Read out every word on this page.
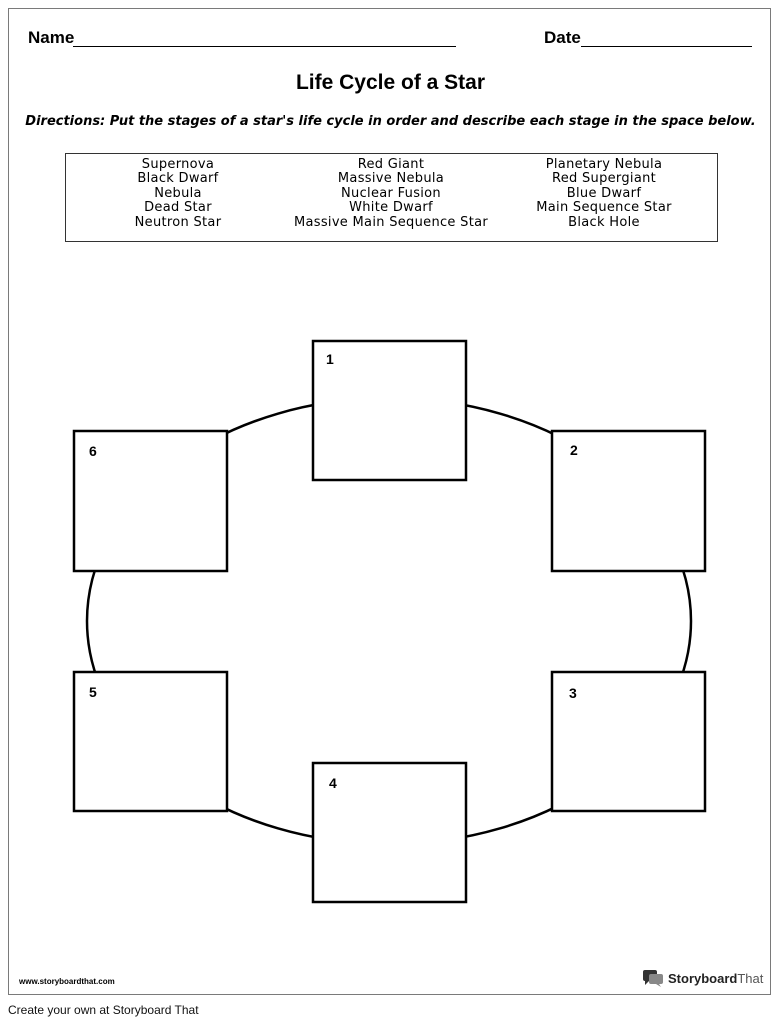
Name	Date
Life Cycle of a Star
Directions: Put the stages of a star's life cycle in order and describe each stage in the space below.
Supernova
Black Dwarf
Nebula
Dead Star
Neutron Star
Red Giant
Massive Nebula
Nuclear Fusion
White Dwarf
Massive Main Sequence Star
Planetary Nebula
Red Supergiant
Blue Dwarf
Main Sequence Star
Black Hole
1
2
3
4
5
6
www.storyboardthat.com	StoryboardThat
Create your own at Storyboard That
